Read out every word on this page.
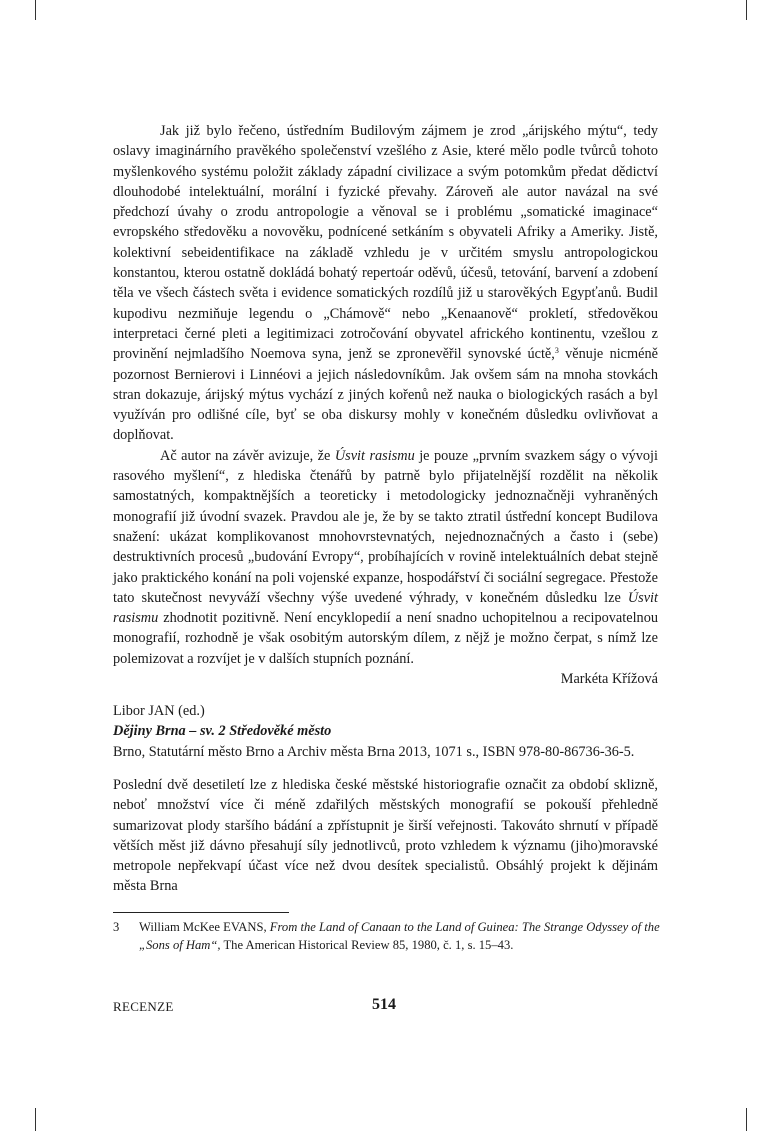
Jak již bylo řečeno, ústředním Budilovým zájmem je zrod „árijského mýtu“, tedy oslavy imaginárního pravěkého společenství vzešlého z Asie, které mělo podle tvůrců tohoto myšlenkového systému položit základy západní civilizace a svým potomkům předat dědictví dlouhodobé intelektuální, morální i fyzické převahy. Zároveň ale autor navázal na své předchozí úvahy o zrodu antropologie a věnoval se i problému „somatické imaginace“ evropského středověku a novověku, podnícené setkáním s obyvateli Afriky a Ameriky. Jistě, kolektivní sebeidentifikace na základě vzhledu je v určitém smyslu antropologickou konstantou, kterou ostatně dokládá bohatý repertoár oděvů, účesů, tetování, barvení a zdobení těla ve všech částech světa i evidence somatických rozdílů již u starověkých Egypťanů. Budil kupodivu nezmiňuje legendu o „Chámově“ nebo „Kenaanově“ prokletí, středověkou interpretaci černé pleti a legitimizaci zotročování obyvatel afrického kontinentu, vzešlou z provinění nejmladšího Noemova syna, jenž se zpronevěřil synovské úctě,$^3$ věnuje nicméně pozornost Bernierovi i Linnéovi a jejich následovníkům. Jak ovšem sám na mnoha stovkách stran dokazuje, árijský mýtus vychází z jiných kořenů než nauka o biologických rasách a byl využíván pro odlišné cíle, byť se oba diskursy mohly v konečném důsledku ovlivňovat a doplňovat.

Ač autor na závěr avizuje, že Úsvit rasismu je pouze „prvním svazkem ságy o vývoji rasového myšlení“, z hlediska čtenářů by patrně bylo přijatelnější rozdělit na několik samostatných, kompaktnějších a teoreticky i metodologicky jednoznačněji vyhraněných monografií již úvodní svazek. Pravdou ale je, že by se takto ztratil ústřední koncept Budilova snažení: ukázat komplikovanost mnohovrstevnatých, nejednoznačných a často i (sebe) destruktivních procesů „budování Evropy“, probíhajících v rovině intelektuálních debat stejně jako praktického konání na poli vojenské expanze, hospodářství či sociální segregace. Přestože tato skutečnost nevyváží všechny výše uvedené výhrady, v konečném důsledku lze Úsvit rasismu zhodnotit pozitivně. Není encyklopedií a není snadno uchopitelnou a recipovatelnou monografií, rozhodně je však osobitým autorským dílem, z nějž je možno čerpat, s nímž lze polemizovat a rozvíjet je v dalších stupních poznání.

Markéta Křížová

Libor JAN (ed.)
Dějiny Brna – sv. 2 Středověké město
Brno, Statutární město Brno a Archiv města Brna 2013, 1071 s., ISBN 978-80-86736-36-5.

Poslední dvě desetiletí lze z hlediska české městské historiografie označit za období sklizně, neboť množství více či méně zdařilých městských monografií se pokouší přehledně sumarizovat plody staršího bádání a zpřístupnit je širší veřejnosti. Takováto shrnutí v případě větších měst již dávno přesahují síly jednotlivců, proto vzhledem k významu (jiho)moravské metropole nepřekvapí účast více než dvou desítek specialistů. Obsáhlý projekt k dějinám města Brna

3 William McKee EVANS, From the Land of Canaan to the Land of Guinea: The Strange Odyssey of the „Sons of Ham“, The American Historical Review 85, 1980, č. 1, s. 15–43.
RECENZE	514
